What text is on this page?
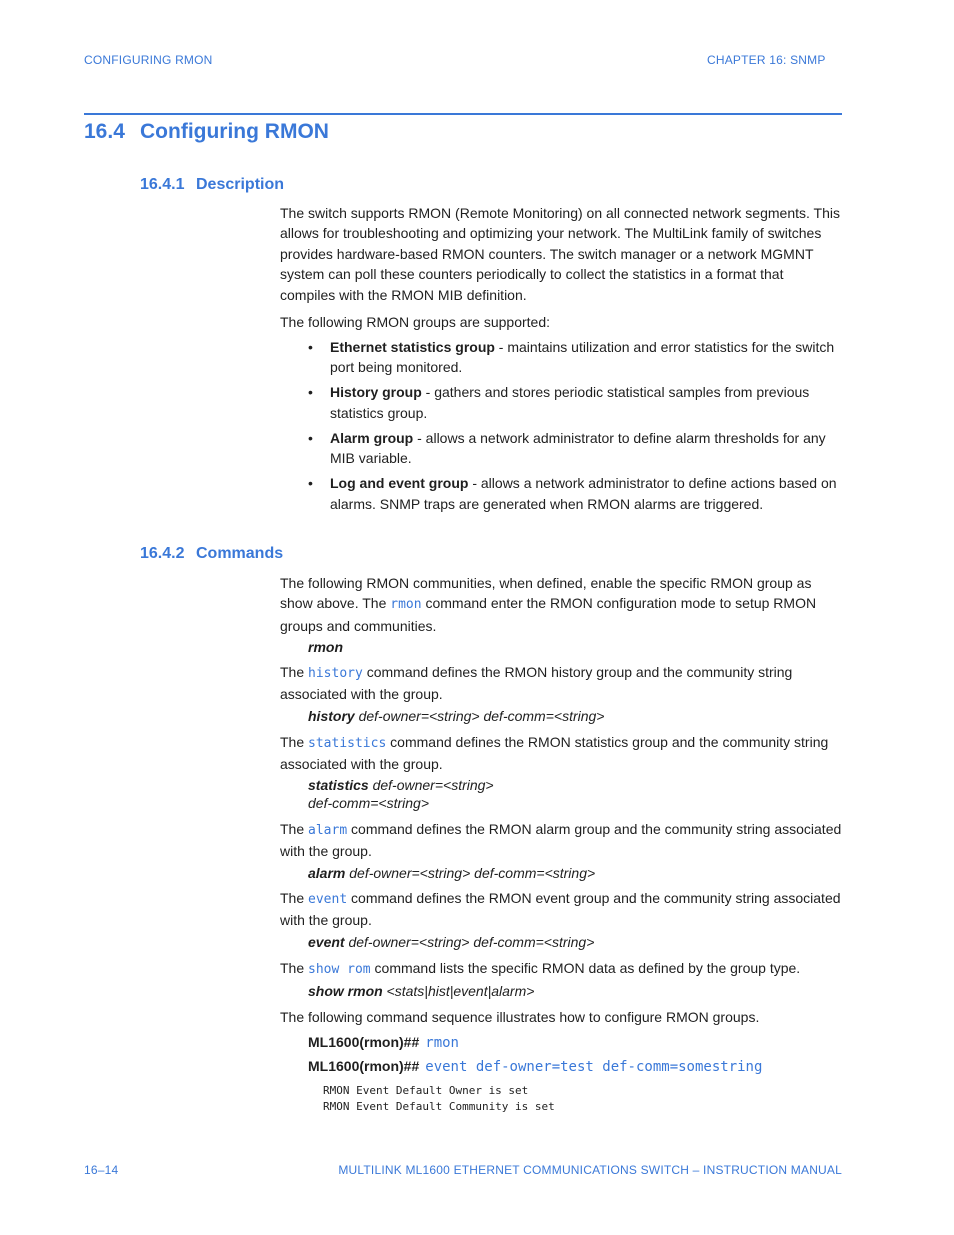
CONFIGURING RMON	CHAPTER 16: SNMP
16.4 Configuring RMON
16.4.1 Description

The switch supports RMON (Remote Monitoring) on all connected network segments. This allows for troubleshooting and optimizing your network. The MultiLink family of switches provides hardware-based RMON counters. The switch manager or a network MGMNT system can poll these counters periodically to collect the statistics in a format that compiles with the RMON MIB definition.

The following RMON groups are supported:

• Ethernet statistics group - maintains utilization and error statistics for the switch port being monitored.
• History group - gathers and stores periodic statistical samples from previous statistics group.
• Alarm group - allows a network administrator to define alarm thresholds for any MIB variable.
• Log and event group - allows a network administrator to define actions based on alarms. SNMP traps are generated when RMON alarms are triggered.
16.4.2 Commands

The following RMON communities, when defined, enable the specific RMON group as show above. The rmon command enter the RMON configuration mode to setup RMON groups and communities.

rmon

The history command defines the RMON history group and the community string associated with the group.

history def-owner=<string> def-comm=<string>

The statistics command defines the RMON statistics group and the community string associated with the group.

statistics def-owner=<string>
def-comm=<string>

The alarm command defines the RMON alarm group and the community string associated with the group.

alarm def-owner=<string> def-comm=<string>

The event command defines the RMON event group and the community string associated with the group.

event def-owner=<string> def-comm=<string>

The show rom command lists the specific RMON data as defined by the group type.

show rmon <stats|hist|event|alarm>

The following command sequence illustrates how to configure RMON groups.

ML1600(rmon)## rmon
ML1600(rmon)## event def-owner=test def-comm=somestring
RMON Event Default Owner is set
RMON Event Default Community is set
16–14	MULTILINK ML1600 ETHERNET COMMUNICATIONS SWITCH – INSTRUCTION MANUAL
